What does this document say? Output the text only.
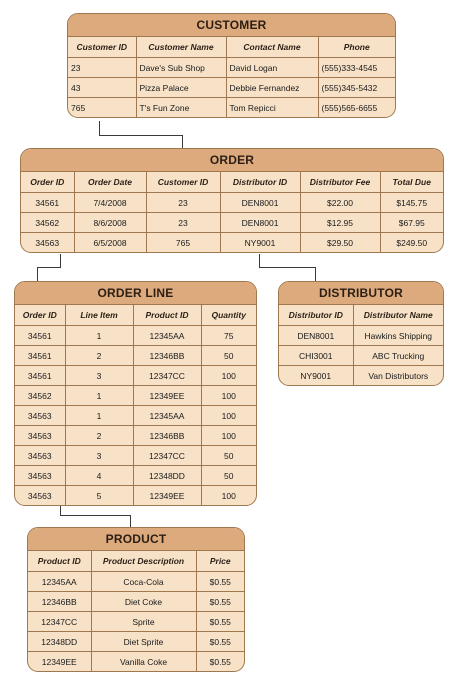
CUSTOMER
Customer ID	Customer Name	Contact Name	Phone
23	Dave's Sub Shop	David Logan	(555)333-4545
43	Pizza Palace	Debbie Fernandez	(555)345-5432
765	T's Fun Zone	Tom Repicci	(555)565-6655
ORDER
Order ID	Order Date	Customer ID	Distributor ID	Distributor Fee	Total Due
34561	7/4/2008	23	DEN8001	$22.00	$145.75
34562	8/6/2008	23	DEN8001	$12.95	$67.95
34563	6/5/2008	765	NY9001	$29.50	$249.50
ORDER LINE
Order ID	Line Item	Product ID	Quantity
34561	1	12345AA	75
34561	2	12346BB	50
34561	3	12347CC	100
34562	1	12349EE	100
34563	1	12345AA	100
34563	2	12346BB	100
34563	3	12347CC	50
34563	4	12348DD	50
34563	5	12349EE	100
DISTRIBUTOR
Distributor ID	Distributor Name
DEN8001	Hawkins Shipping
CHI3001	ABC Trucking
NY9001	Van Distributors
PRODUCT
Product ID	Product Description	Price
12345AA	Coca-Cola	$0.55
12346BB	Diet Coke	$0.55
12347CC	Sprite	$0.55
12348DD	Diet Sprite	$0.55
12349EE	Vanilla Coke	$0.55
